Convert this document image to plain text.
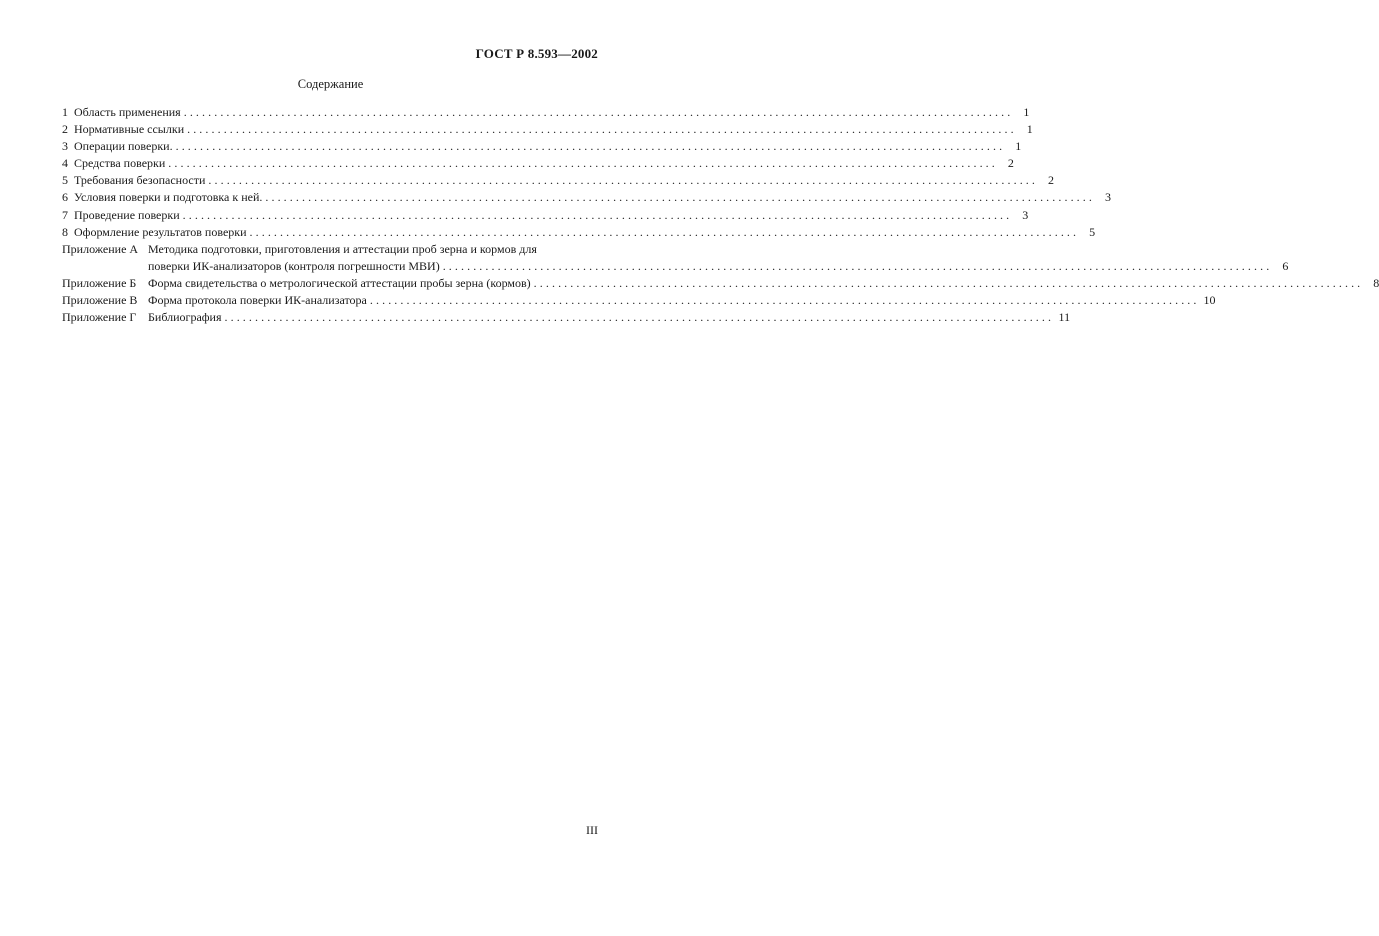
ГОСТ Р 8.593—2002
Содержание
1 Область применения ........................................................................................................................................ 1
2 Нормативные ссылки ........................................................................................................................................ 1
3 Операции поверки. ........................................................................................................................................ 1
4 Средства поверки ........................................................................................................................................ 2
5 Требования безопасности ........................................................................................................................................ 2
6 Условия поверки и подготовка к ней. ........................................................................................................................................ 3
7 Проведение поверки ........................................................................................................................................ 3
8 Оформление результатов поверки ........................................................................................................................................ 5
Приложение А Методика подготовки, приготовления и аттестации проб зерна и кормов для
поверки ИК-анализаторов (контроля погрешности МВИ) ........................................................................................................................................ 6
Приложение Б Форма свидетельства о метрологической аттестации пробы зерна (кормов) ........................................................................................................................................ 8
Приложение В Форма протокола поверки ИК-анализатора ........................................................................................................................................ 10
Приложение Г Библиография ........................................................................................................................................ 11
III
